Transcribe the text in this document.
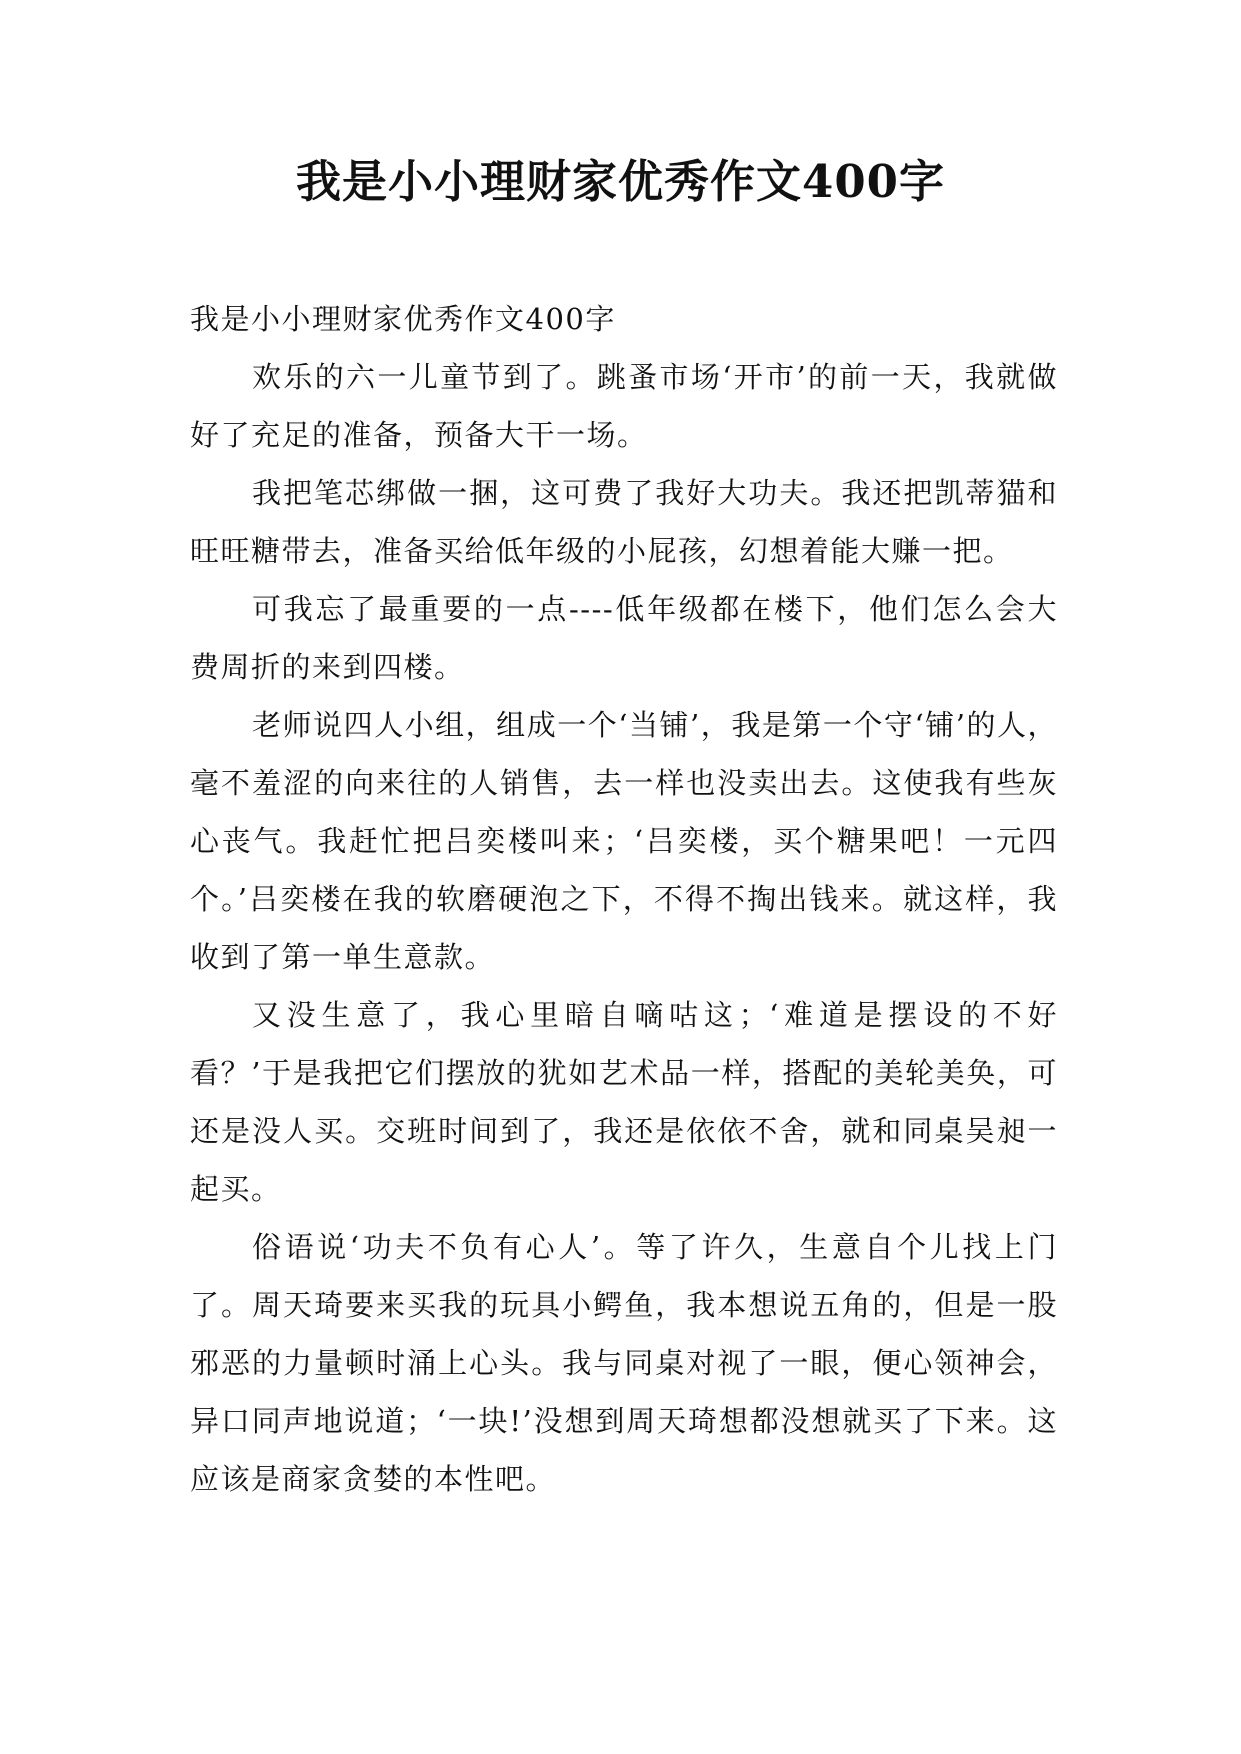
我是小小理财家优秀作文400字

我是小小理财家优秀作文400字

欢乐的六一儿童节到了。跳蚤市场‘开市’的前一天，我就做好了充足的准备，预备大干一场。

我把笔芯绑做一捆，这可费了我好大功夫。我还把凯蒂猫和旺旺糖带去，准备买给低年级的小屁孩，幻想着能大赚一把。

可我忘了最重要的一点----低年级都在楼下，他们怎么会大费周折的来到四楼。

老师说四人小组，组成一个‘当铺’，我是第一个守‘铺’的人，毫不羞涩的向来往的人销售，去一样也没卖出去。这使我有些灰心丧气。我赶忙把吕奕楼叫来；‘吕奕楼，买个糖果吧！一元四个。’吕奕楼在我的软磨硬泡之下，不得不掏出钱来。就这样，我收到了第一单生意款。

又没生意了，我心里暗自嘀咕这；‘难道是摆设的不好看？’于是我把它们摆放的犹如艺术品一样，搭配的美轮美奂，可还是没人买。交班时间到了，我还是依依不舍，就和同桌吴昶一起买。

俗语说‘功夫不负有心人’。等了许久，生意自个儿找上门了。周天琦要来买我的玩具小鳄鱼，我本想说五角的，但是一股邪恶的力量顿时涌上心头。我与同桌对视了一眼，便心领神会，异口同声地说道；‘一块!’没想到周天琦想都没想就买了下来。这应该是商家贪婪的本性吧。
